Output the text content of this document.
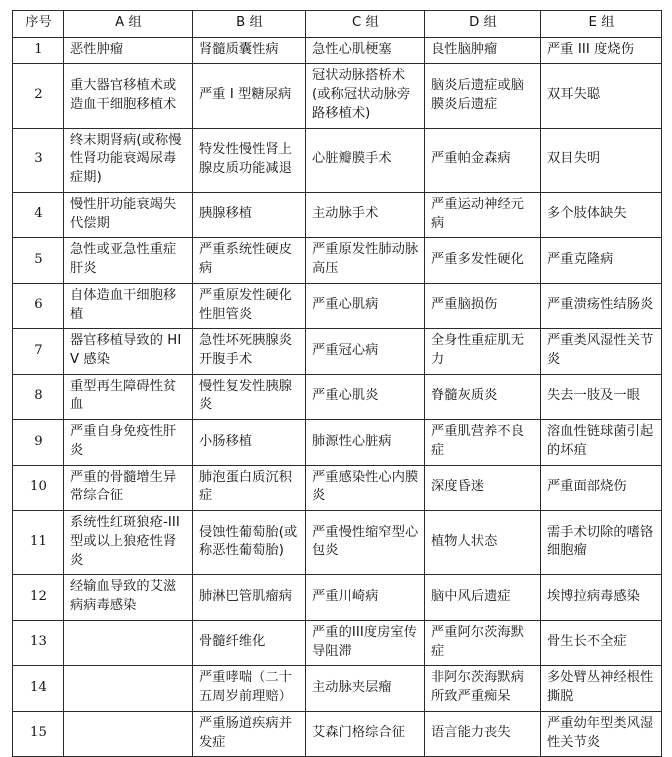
序号	A 组	B 组	C 组	D 组	E 组
1	恶性肿瘤	肾髓质囊性病	急性心肌梗塞	良性脑肿瘤	严重 III 度烧伤
2	重大器官移植术或造血干细胞移植术	严重 I 型糖尿病	冠状动脉搭桥术(或称冠状动脉旁路移植术)	脑炎后遗症或脑膜炎后遗症	双耳失聪
3	终末期肾病(或称慢性肾功能衰竭尿毒症期)	特发性慢性肾上腺皮质功能减退	心脏瓣膜手术	严重帕金森病	双目失明
4	慢性肝功能衰竭失代偿期	胰腺移植	主动脉手术	严重运动神经元病	多个肢体缺失
5	急性或亚急性重症肝炎	严重系统性硬皮病	严重原发性肺动脉高压	严重多发性硬化	严重克隆病
6	自体造血干细胞移植	严重原发性硬化性胆管炎	严重心肌病	严重脑损伤	严重溃疡性结肠炎
7	器官移植导致的 HIV 感染	急性坏死胰腺炎开腹手术	严重冠心病	全身性重症肌无力	严重类风湿性关节炎
8	重型再生障碍性贫血	慢性复发性胰腺炎	严重心肌炎	脊髓灰质炎	失去一肢及一眼
9	严重自身免疫性肝炎	小肠移植	肺源性心脏病	严重肌营养不良症	溶血性链球菌引起的坏疽
10	严重的骨髓增生异常综合征	肺泡蛋白质沉积症	严重感染性心内膜炎	深度昏迷	严重面部烧伤
11	系统性红斑狼疮-III 型或以上狼疮性肾炎	侵蚀性葡萄胎(或称恶性葡萄胎)	严重慢性缩窄型心包炎	植物人状态	需手术切除的嗜铬细胞瘤
12	经输血导致的艾滋病病毒感染	肺淋巴管肌瘤病	严重川崎病	脑中风后遗症	埃博拉病毒感染
13		骨髓纤维化	严重的III度房室传导阻滞	严重阿尔茨海默症	骨生长不全症
14		严重哮喘（二十五周岁前理赔）	主动脉夹层瘤	非阿尔茨海默病所致严重痴呆	多处臂丛神经根性撕脱
15		严重肠道疾病并发症	艾森门格综合征	语言能力丧失	严重幼年型类风湿性关节炎
